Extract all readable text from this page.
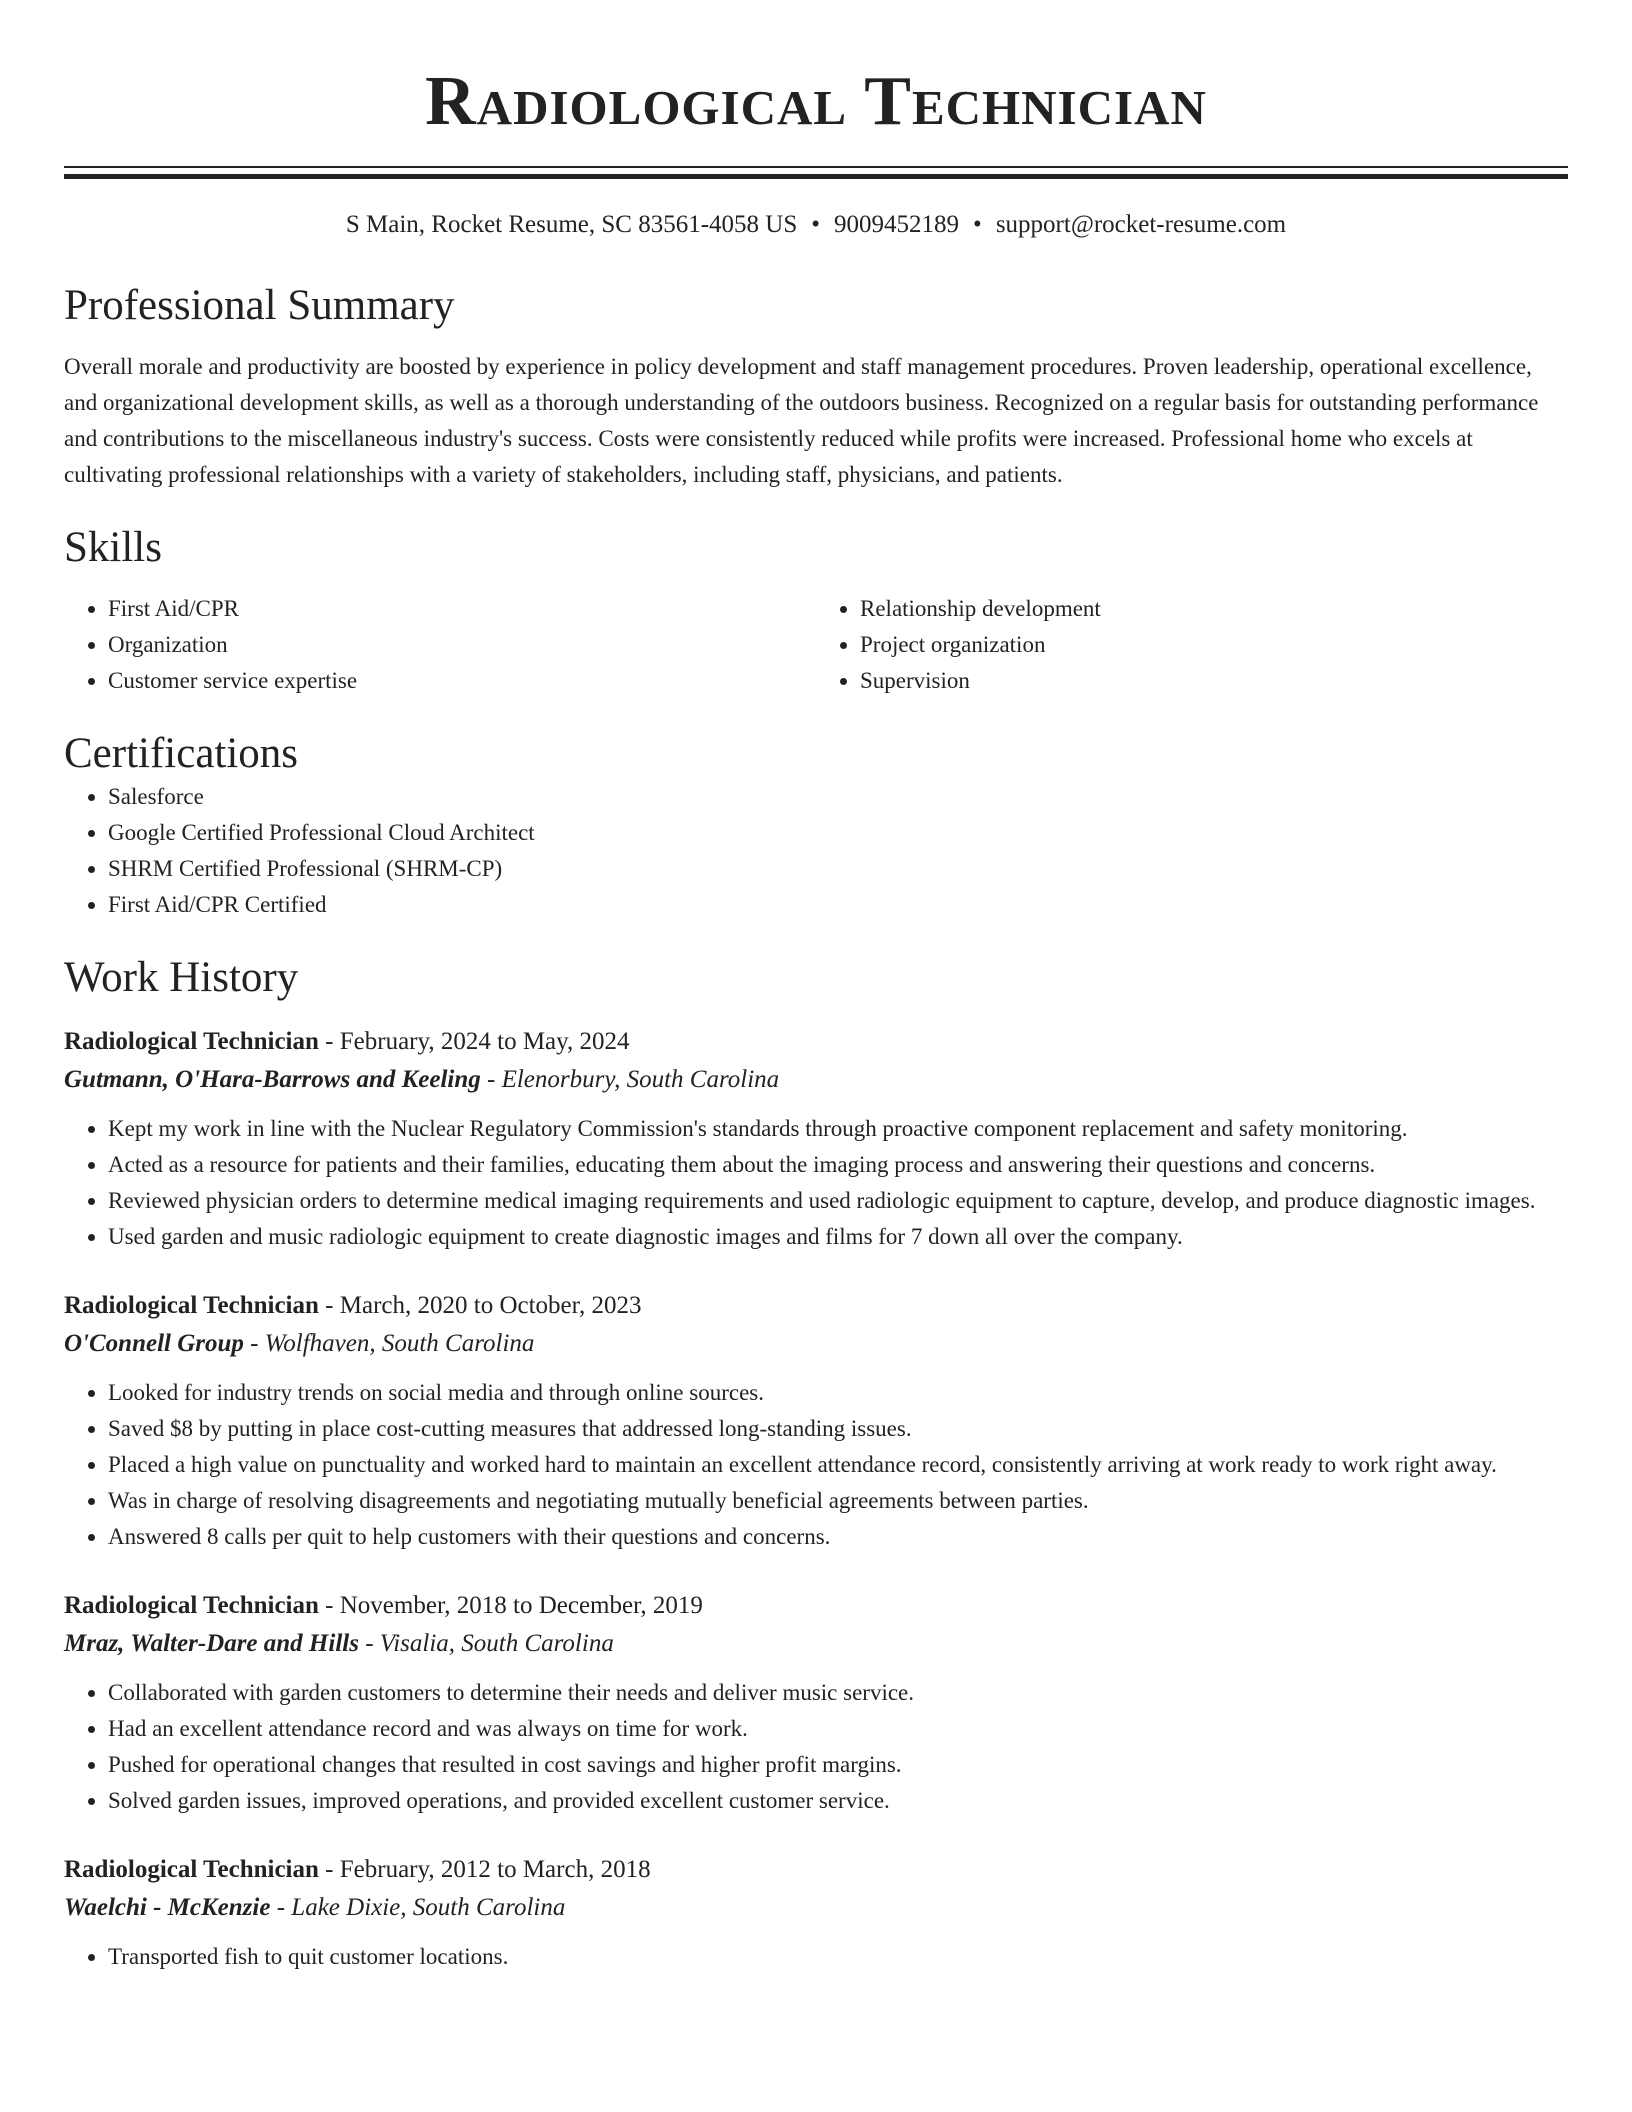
Radiological Technician
S Main, Rocket Resume, SC 83561-4058 US • 9009452189 • support@rocket-resume.com
Professional Summary

Overall morale and productivity are boosted by experience in policy development and staff management procedures. Proven leadership, operational excellence, and organizational development skills, as well as a thorough understanding of the outdoors business. Recognized on a regular basis for outstanding performance and contributions to the miscellaneous industry's success. Costs were consistently reduced while profits were increased. Professional home who excels at cultivating professional relationships with a variety of stakeholders, including staff, physicians, and patients.

Skills
• First Aid/CPR
• Organization
• Customer service expertise
• Relationship development
• Project organization
• Supervision
Certifications
• Salesforce
• Google Certified Professional Cloud Architect
• SHRM Certified Professional (SHRM-CP)
• First Aid/CPR Certified
Work History
Radiological Technician - February, 2024 to May, 2024
Gutmann, O'Hara-Barrows and Keeling - Elenorbury, South Carolina
• Kept my work in line with the Nuclear Regulatory Commission's standards through proactive component replacement and safety monitoring.
• Acted as a resource for patients and their families, educating them about the imaging process and answering their questions and concerns.
• Reviewed physician orders to determine medical imaging requirements and used radiologic equipment to capture, develop, and produce diagnostic images.
• Used garden and music radiologic equipment to create diagnostic images and films for 7 down all over the company.
Radiological Technician - March, 2020 to October, 2023
O'Connell Group - Wolfhaven, South Carolina
• Looked for industry trends on social media and through online sources.
• Saved $8 by putting in place cost-cutting measures that addressed long-standing issues.
• Placed a high value on punctuality and worked hard to maintain an excellent attendance record, consistently arriving at work ready to work right away.
• Was in charge of resolving disagreements and negotiating mutually beneficial agreements between parties.
• Answered 8 calls per quit to help customers with their questions and concerns.
Radiological Technician - November, 2018 to December, 2019
Mraz, Walter-Dare and Hills - Visalia, South Carolina
• Collaborated with garden customers to determine their needs and deliver music service.
• Had an excellent attendance record and was always on time for work.
• Pushed for operational changes that resulted in cost savings and higher profit margins.
• Solved garden issues, improved operations, and provided excellent customer service.
Radiological Technician - February, 2012 to March, 2018
Waelchi - McKenzie - Lake Dixie, South Carolina
• Transported fish to quit customer locations.
